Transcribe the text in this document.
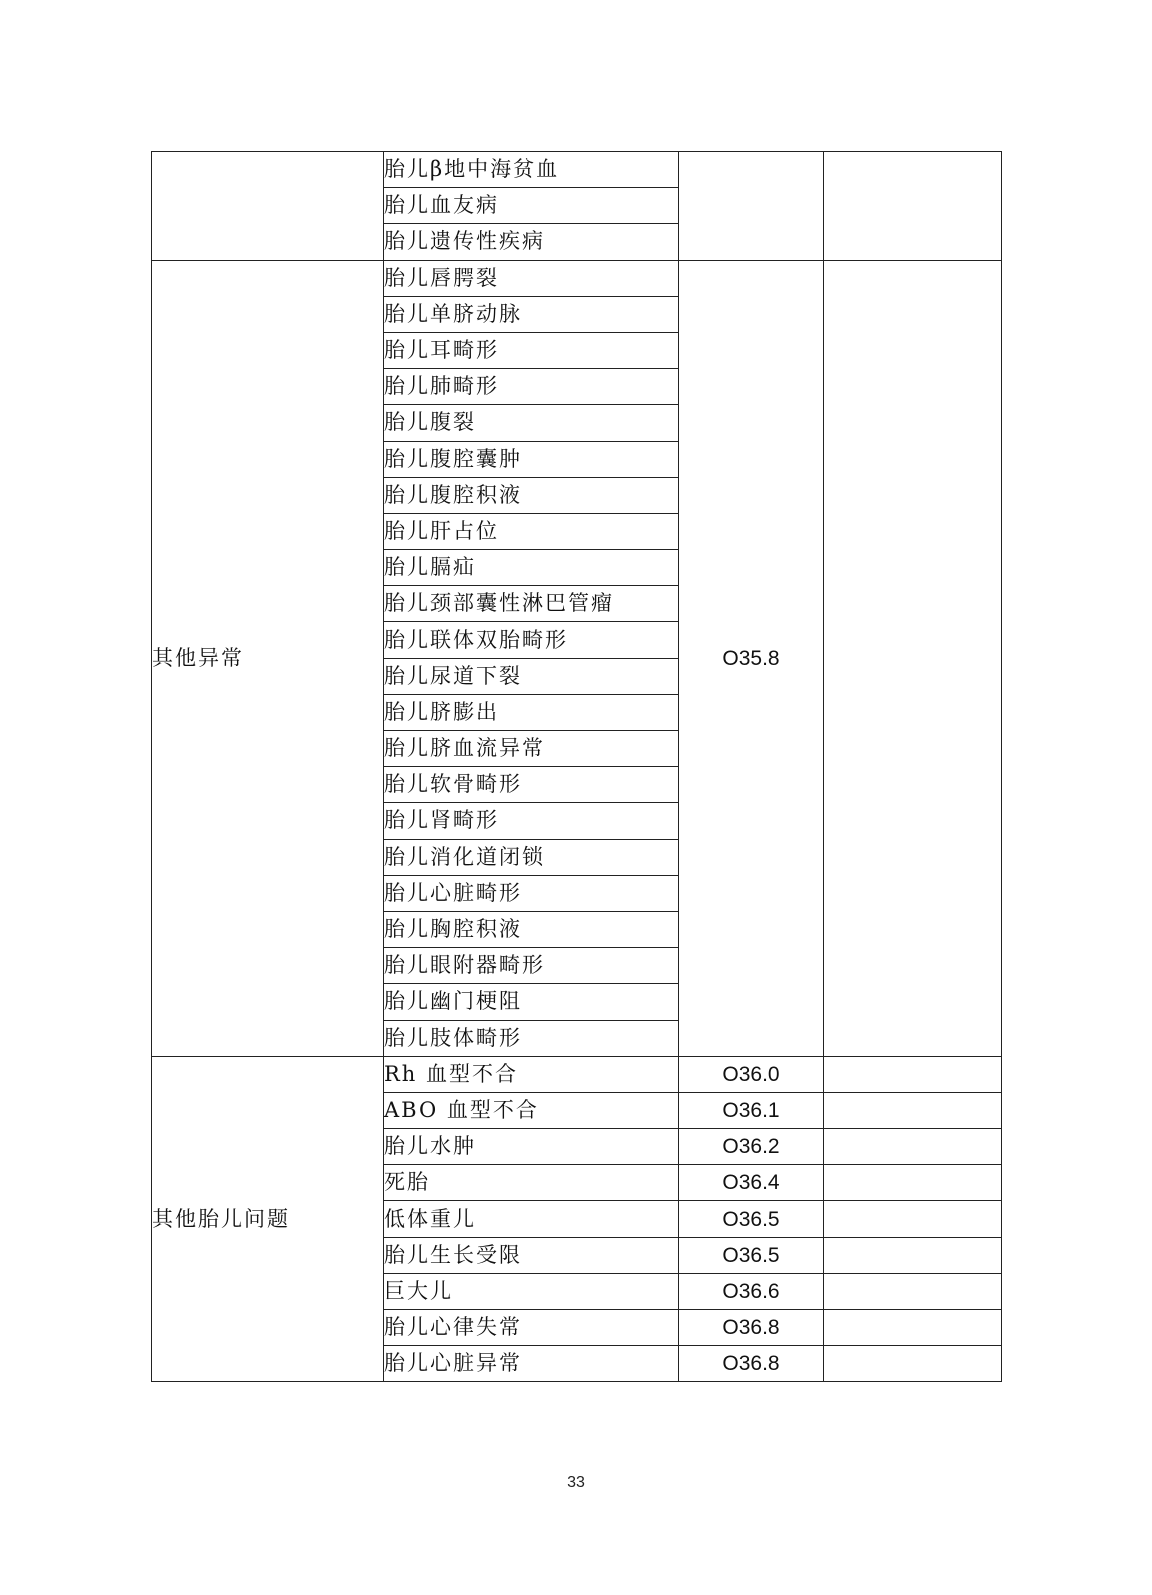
	胎儿β地中海贫血		
	胎儿血友病		
	胎儿遗传性疾病		
其他异常	胎儿唇腭裂	O35.8	
	胎儿单脐动脉		
	胎儿耳畸形		
	胎儿肺畸形		
	胎儿腹裂		
	胎儿腹腔囊肿		
	胎儿腹腔积液		
	胎儿肝占位		
	胎儿膈疝		
	胎儿颈部囊性淋巴管瘤		
	胎儿联体双胎畸形		
	胎儿尿道下裂		
	胎儿脐膨出		
	胎儿脐血流异常		
	胎儿软骨畸形		
	胎儿肾畸形		
	胎儿消化道闭锁		
	胎儿心脏畸形		
	胎儿胸腔积液		
	胎儿眼附器畸形		
	胎儿幽门梗阻		
	胎儿肢体畸形		
其他胎儿问题	Rh 血型不合	O36.0	
	ABO 血型不合	O36.1	
	胎儿水肿	O36.2	
	死胎	O36.4	
	低体重儿	O36.5	
	胎儿生长受限	O36.5	
	巨大儿	O36.6	
	胎儿心律失常	O36.8	
	胎儿心脏异常	O36.8	
33
